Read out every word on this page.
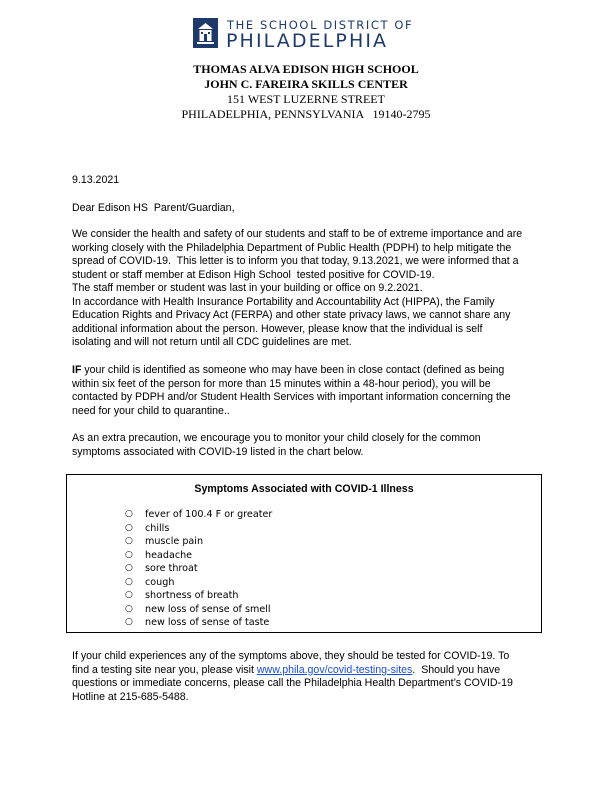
THE SCHOOL DISTRICT OF
PHILADELPHIA
THOMAS ALVA EDISON HIGH SCHOOL
JOHN C. FAREIRA SKILLS CENTER
151 WEST LUZERNE STREET
PHILADELPHIA, PENNSYLVANIA   19140-2795
9.13.2021
Dear Edison HS  Parent/Guardian,
We consider the health and safety of our students and staff to be of extreme importance and are
working closely with the Philadelphia Department of Public Health (PDPH) to help mitigate the
spread of COVID-19.  This letter is to inform you that today, 9.13.2021, we were informed that a
student or staff member at Edison High School  tested positive for COVID-19.
The staff member or student was last in your building or office on 9.2.2021.
In accordance with Health Insurance Portability and Accountability Act (HIPPA), the Family
Education Rights and Privacy Act (FERPA) and other state privacy laws, we cannot share any
additional information about the person. However, please know that the individual is self
isolating and will not return until all CDC guidelines are met.
IF your child is identified as someone who may have been in close contact (defined as being
within six feet of the person for more than 15 minutes within a 48-hour period), you will be
contacted by PDPH and/or Student Health Services with important information concerning the
need for your child to quarantine..
As an extra precaution, we encourage you to monitor your child closely for the common
symptoms associated with COVID-19 listed in the chart below.
Symptoms Associated with COVID-1 Illness
○ fever of 100.4 F or greater
○ chills
○ muscle pain
○ headache
○ sore throat
○ cough
○ shortness of breath
○ new loss of sense of smell
○ new loss of sense of taste
If your child experiences any of the symptoms above, they should be tested for COVID-19. To
find a testing site near you, please visit www.phila.gov/covid-testing-sites.  Should you have
questions or immediate concerns, please call the Philadelphia Health Department’s COVID-19
Hotline at 215-685-5488.
